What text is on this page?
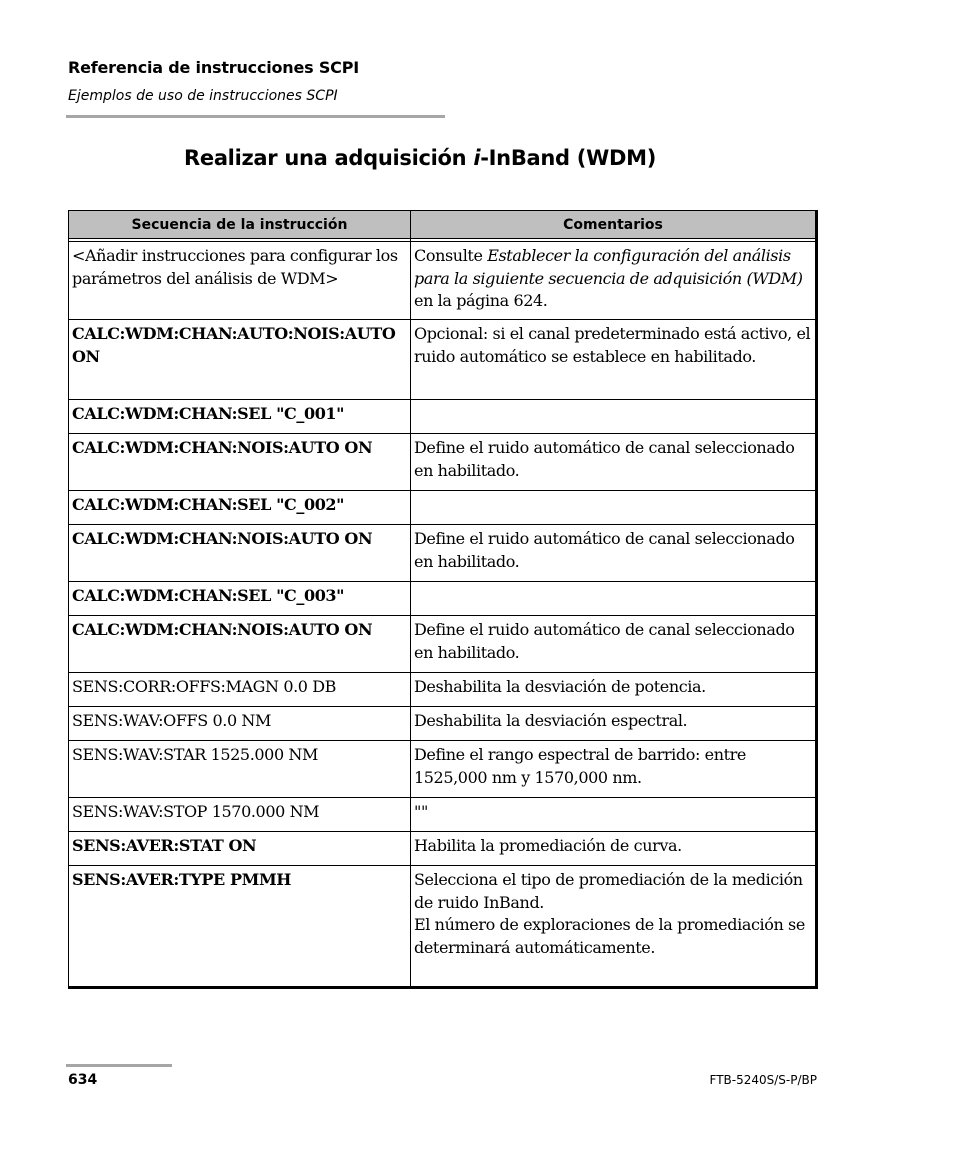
Referencia de instrucciones SCPI
Ejemplos de uso de instrucciones SCPI
Realizar una adquisición i-InBand (WDM)
Secuencia de la instrucción	Comentarios

<Añadir instrucciones para configurar los parámetros del análisis de WDM>	Consulte Establecer la configuración del análisis para la siguiente secuencia de adquisición (WDM) en la página 624.
CALC:WDM:CHAN:AUTO:NOIS:AUTO ON	Opcional: si el canal predeterminado está activo, el ruido automático se establece en habilitado.
CALC:WDM:CHAN:SEL "C_001"	
CALC:WDM:CHAN:NOIS:AUTO ON	Define el ruido automático de canal seleccionado en habilitado.
CALC:WDM:CHAN:SEL "C_002"	
CALC:WDM:CHAN:NOIS:AUTO ON	Define el ruido automático de canal seleccionado en habilitado.
CALC:WDM:CHAN:SEL "C_003"	
CALC:WDM:CHAN:NOIS:AUTO ON	Define el ruido automático de canal seleccionado en habilitado.
SENS:CORR:OFFS:MAGN 0.0 DB	Deshabilita la desviación de potencia.
SENS:WAV:OFFS 0.0 NM	Deshabilita la desviación espectral.
SENS:WAV:STAR 1525.000 NM	Define el rango espectral de barrido: entre 1525,000 nm y 1570,000 nm.
SENS:WAV:STOP 1570.000 NM	""
SENS:AVER:STAT ON	Habilita la promediación de curva.
SENS:AVER:TYPE PMMH	Selecciona el tipo de promediación de la medición de ruido InBand.
El número de exploraciones de la promediación se determinará automáticamente.
634	FTB-5240S/S-P/BP
